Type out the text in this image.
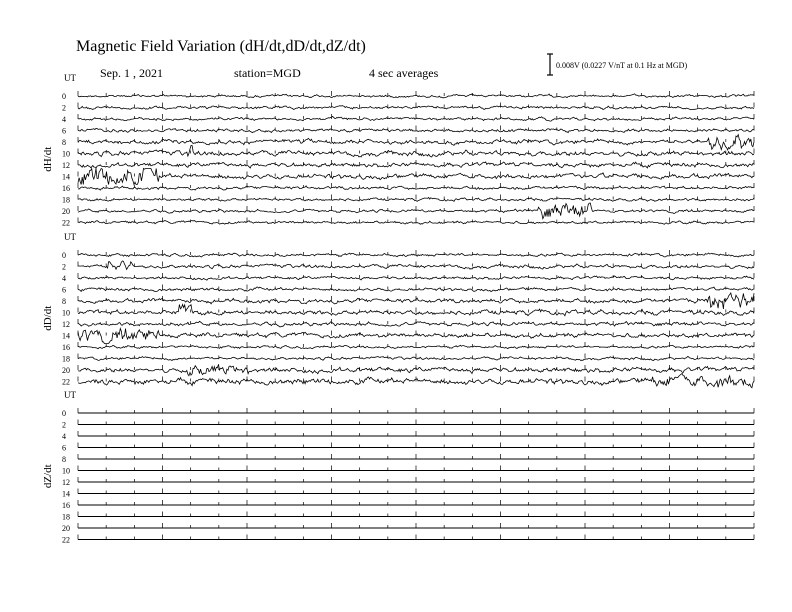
Magnetic Field Variation (dH/dt,dD/dt,dZ/dt)
Sep. 1 , 2021	station=MGD	4 sec averages
0.008V (0.0227 V/nT at 0.1 Hz at MGD)
UT
dH/dt
0
2
4
6
8
10
12
14
16
18
20
22
UT
dD/dt
0
2
4
6
8
10
12
14
16
18
20
22
UT
dZ/dt
0
2
4
6
8
10
12
14
16
18
20
22
